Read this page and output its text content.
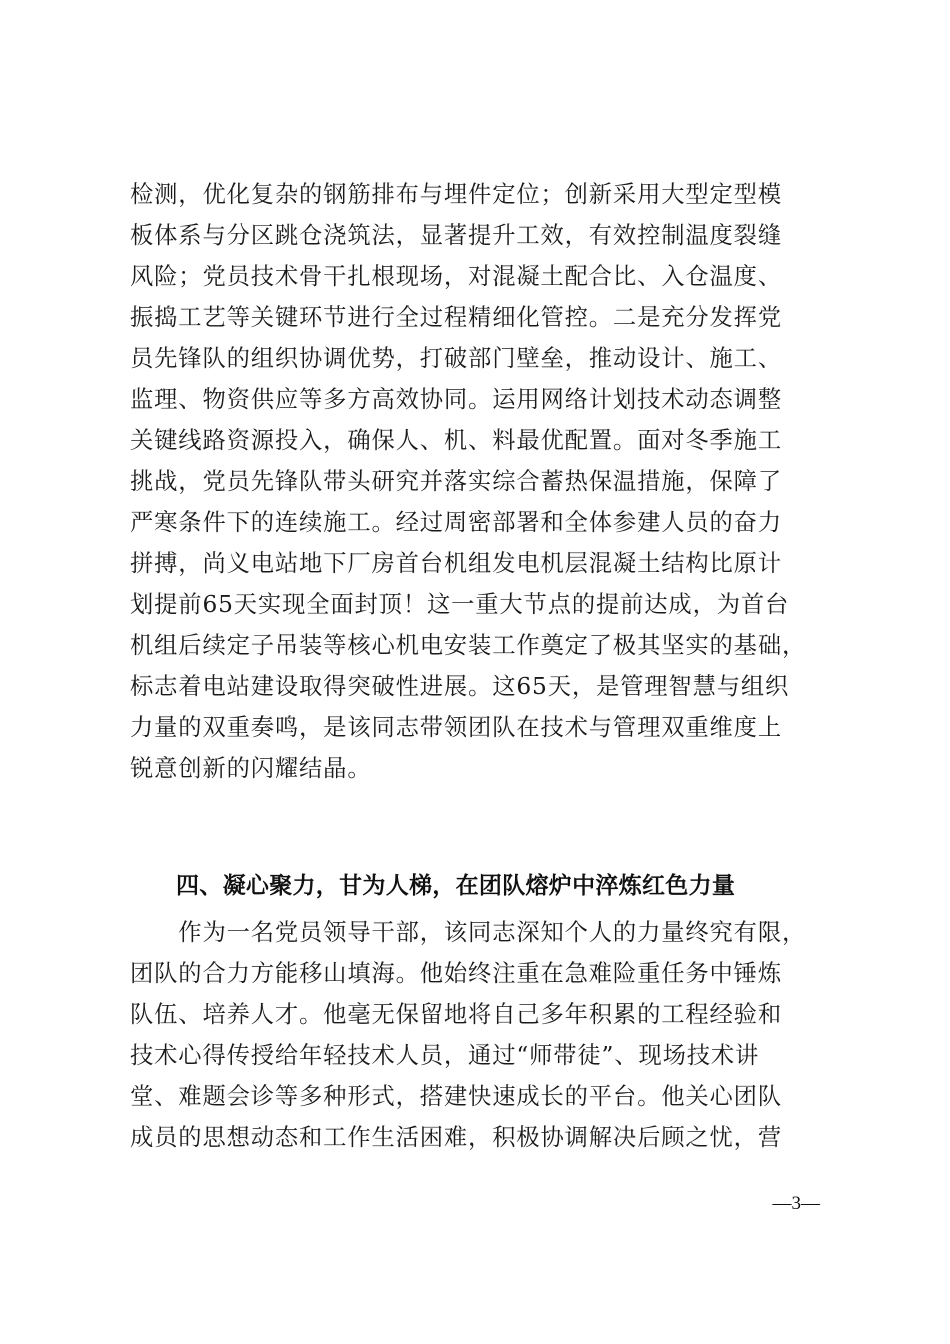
检测，优化复杂的钢筋排布与埋件定位；创新采用大型定型模
板体系与分区跳仓浇筑法，显著提升工效，有效控制温度裂缝
风险；党员技术骨干扎根现场，对混凝土配合比、入仓温度、
振捣工艺等关键环节进行全过程精细化管控。二是充分发挥党
员先锋队的组织协调优势，打破部门壁垒，推动设计、施工、
监理、物资供应等多方高效协同。运用网络计划技术动态调整
关键线路资源投入，确保人、机、料最优配置。面对冬季施工
挑战，党员先锋队带头研究并落实综合蓄热保温措施，保障了
严寒条件下的连续施工。经过周密部署和全体参建人员的奋力
拼搏，尚义电站地下厂房首台机组发电机层混凝土结构比原计
划提前65天实现全面封顶！这一重大节点的提前达成，为首台
机组后续定子吊装等核心机电安装工作奠定了极其坚实的基础，
标志着电站建设取得突破性进展。这65天，是管理智慧与组织
力量的双重奏鸣，是该同志带领团队在技术与管理双重维度上
锐意创新的闪耀结晶。
四、凝心聚力，甘为人梯，在团队熔炉中淬炼红色力量
　　作为一名党员领导干部，该同志深知个人的力量终究有限，
团队的合力方能移山填海。他始终注重在急难险重任务中锤炼
队伍、培养人才。他毫无保留地将自己多年积累的工程经验和
技术心得传授给年轻技术人员，通过“师带徒”、现场技术讲
堂、难题会诊等多种形式，搭建快速成长的平台。他关心团队
成员的思想动态和工作生活困难，积极协调解决后顾之忧，营
—3—
